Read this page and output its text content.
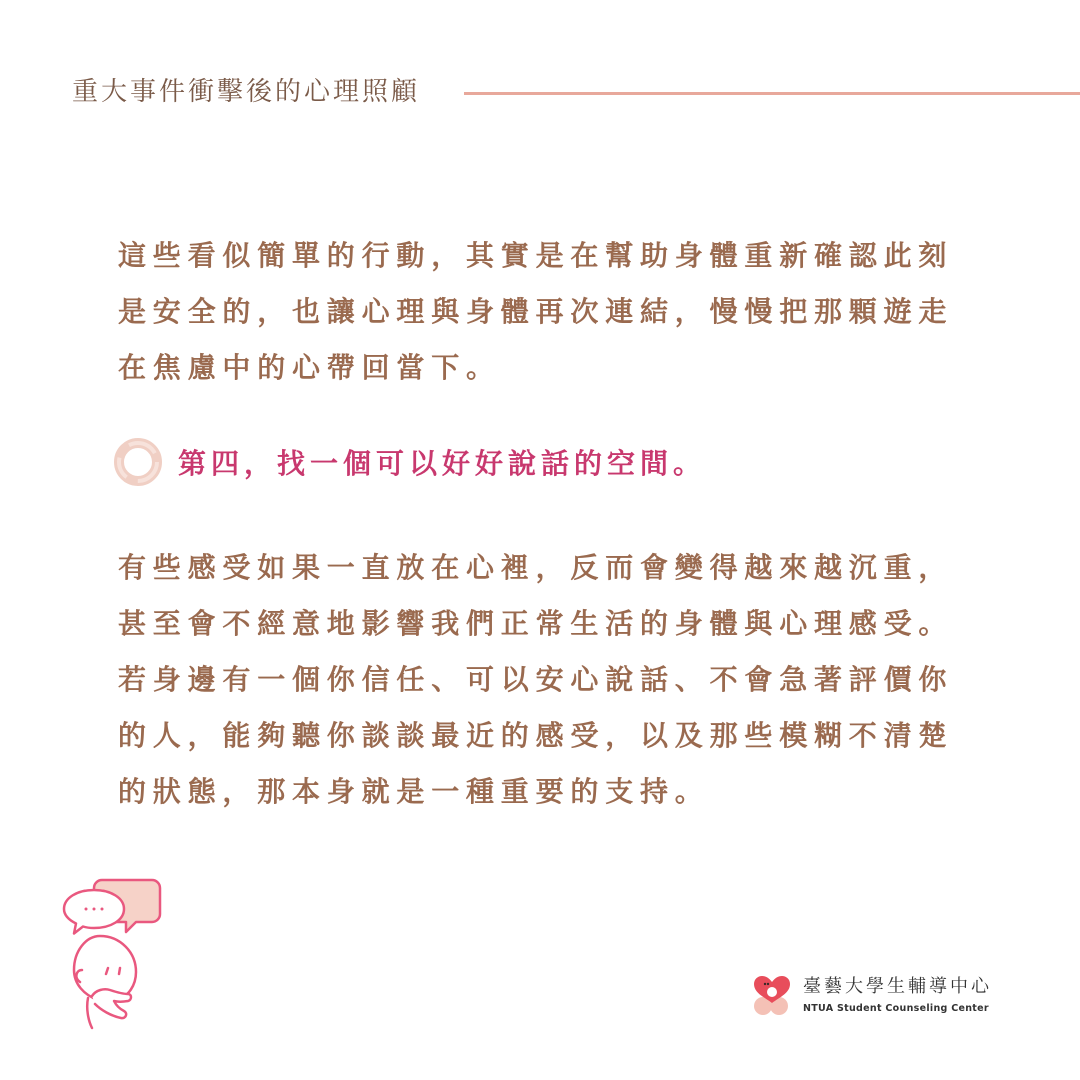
重大事件衝擊後的心理照顧

這些看似簡單的行動，其實是在幫助身體重新確認此刻是安全的，也讓心理與身體再次連結，慢慢把那顆遊走在焦慮中的心帶回當下。

第四，找一個可以好好說話的空間。

有些感受如果一直放在心裡，反而會變得越來越沉重，甚至會不經意地影響我們正常生活的身體與心理感受。若身邊有一個你信任、可以安心說話、不會急著評價你的人，能夠聽你談談最近的感受，以及那些模糊不清楚的狀態，那本身就是一種重要的支持。

臺藝大學生輔導中心
NTUA Student Counseling Center
